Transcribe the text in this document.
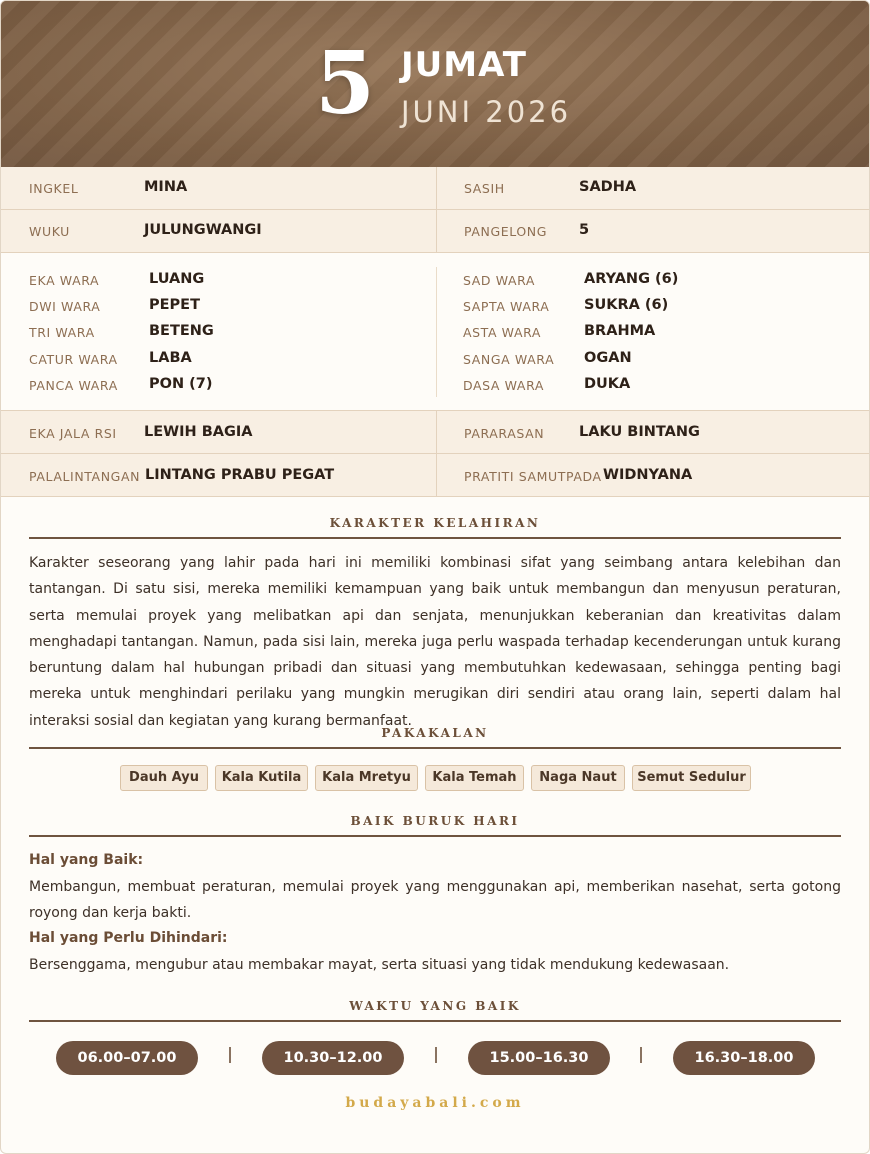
5 JUMAT
JUNI 2026
INGKEL	MINA	SASIH	SADHA
WUKU	JULUNGWANGI	PANGELONG 5
EKA WARA	LUANG
DWI WARA	PEPET
TRI WARA	BETENG
CATUR WARA LABA
PANCA WARA PON (7)
SAD WARA	ARYANG (6)
SAPTA WARA SUKRA (6)
ASTA WARA	BRAHMA
SANGA WARA OGAN
DASA WARA	DUKA
EKA JALA RSI LEWIH BAGIA	PARARASAN LAKU BINTANG
PALALINTANGAN LINTANG PRABU PEGAT	PRATITI SAMUTPADA WIDNYANA
KARAKTER KELAHIRAN
Karakter seseorang yang lahir pada hari ini memiliki kombinasi sifat yang seimbang antara kelebihan dan tantangan. Di satu sisi, mereka memiliki kemampuan yang baik untuk membangun dan menyusun peraturan, serta memulai proyek yang melibatkan api dan senjata, menunjukkan keberanian dan kreativitas dalam menghadapi tantangan. Namun, pada sisi lain, mereka juga perlu waspada terhadap kecenderungan untuk kurang beruntung dalam hal hubungan pribadi dan situasi yang membutuhkan kedewasaan, sehingga penting bagi mereka untuk menghindari perilaku yang mungkin merugikan diri sendiri atau orang lain, seperti dalam hal interaksi sosial dan kegiatan yang kurang bermanfaat.
PAKAKALAN
Dauh Ayu	Kala Kutila	Kala Mretyu	Kala Temah	Naga Naut	Semut Sedulur
BAIK BURUK HARI
Hal yang Baik:
Membangun, membuat peraturan, memulai proyek yang menggunakan api, memberikan nasehat, serta gotong royong dan kerja bakti.
Hal yang Perlu Dihindari:
Bersenggama, mengubur atau membakar mayat, serta situasi yang tidak mendukung kedewasaan.
WAKTU YANG BAIK
06.00–07.00	10.30–12.00	15.00–16.30	16.30–18.00
budayabali.com
